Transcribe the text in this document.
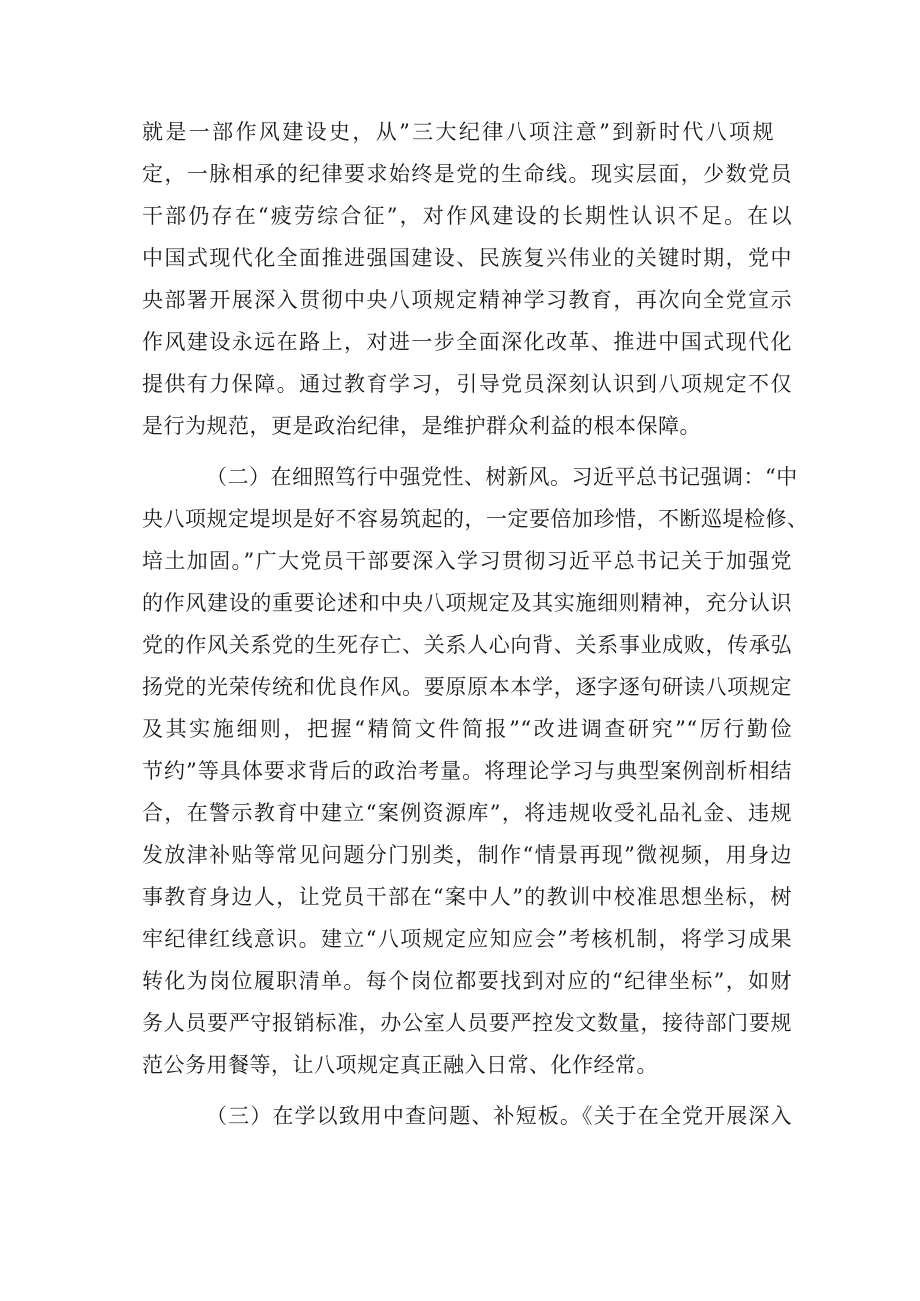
就是一部作风建设史，从”三大纪律八项注意”到新时代八项规
定，一脉相承的纪律要求始终是党的生命线。现实层面，少数党员
干部仍存在“疲劳综合征”，对作风建设的长期性认识不足。在以
中国式现代化全面推进强国建设、民族复兴伟业的关键时期，党中
央部署开展深入贯彻中央八项规定精神学习教育，再次向全党宣示
作风建设永远在路上，对进一步全面深化改革、推进中国式现代化
提供有力保障。通过教育学习，引导党员深刻认识到八项规定不仅
是行为规范，更是政治纪律，是维护群众利益的根本保障。
（二）在细照笃行中强党性、树新风。习近平总书记强调：“中
央八项规定堤坝是好不容易筑起的，一定要倍加珍惜，不断巡堤检修、
培土加固。”广大党员干部要深入学习贯彻习近平总书记关于加强党
的作风建设的重要论述和中央八项规定及其实施细则精神，充分认识
党的作风关系党的生死存亡、关系人心向背、关系事业成败，传承弘
扬党的光荣传统和优良作风。要原原本本学，逐字逐句研读八项规定
及其实施细则，把握“精简文件简报”“改进调查研究”“厉行勤俭
节约”等具体要求背后的政治考量。将理论学习与典型案例剖析相结
合，在警示教育中建立“案例资源库”，将违规收受礼品礼金、违规
发放津补贴等常见问题分门别类，制作“情景再现”微视频，用身边
事教育身边人，让党员干部在“案中人”的教训中校准思想坐标，树
牢纪律红线意识。建立“八项规定应知应会”考核机制，将学习成果
转化为岗位履职清单。每个岗位都要找到对应的“纪律坐标”，如财
务人员要严守报销标准，办公室人员要严控发文数量，接待部门要规
范公务用餐等，让八项规定真正融入日常、化作经常。
（三）在学以致用中查问题、补短板。《关于在全党开展深入
